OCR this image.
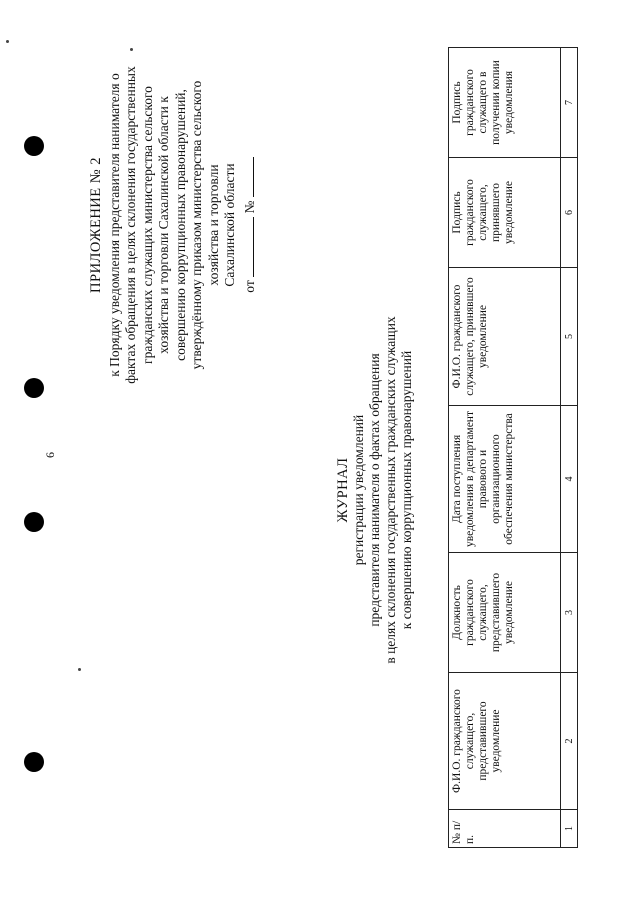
6
ПРИЛОЖЕНИЕ № 2 к Порядку уведомления представителя нанимателя о фактах обращения в целях склонения государственных гражданских служащих министерства сельского хозяйства и торговли Сахалинской области к совершению коррупционных правонарушений, утверждённому приказом министерства сельского хозяйства и торговли Сахалинской области от  №
ЖУРНАЛ регистрации уведомлений представителя нанимателя о фактах обращения в целях склонения государственных гражданских служащих к совершению коррупционных правонарушений
№ п/п.	Ф.И.О. гражданского служащего, представившего уведомление	Должность гражданского служащего, представившего уведомление	Дата поступления уведомления в департамент правового и организационного обеспечения министерства	Ф.И.О. гражданского служащего, принявшего уведомление	Подпись гражданского служащего, принявшего уведомление	Подпись гражданского служащего в получении копии уведомления
1	2	3	4	5	6	7
